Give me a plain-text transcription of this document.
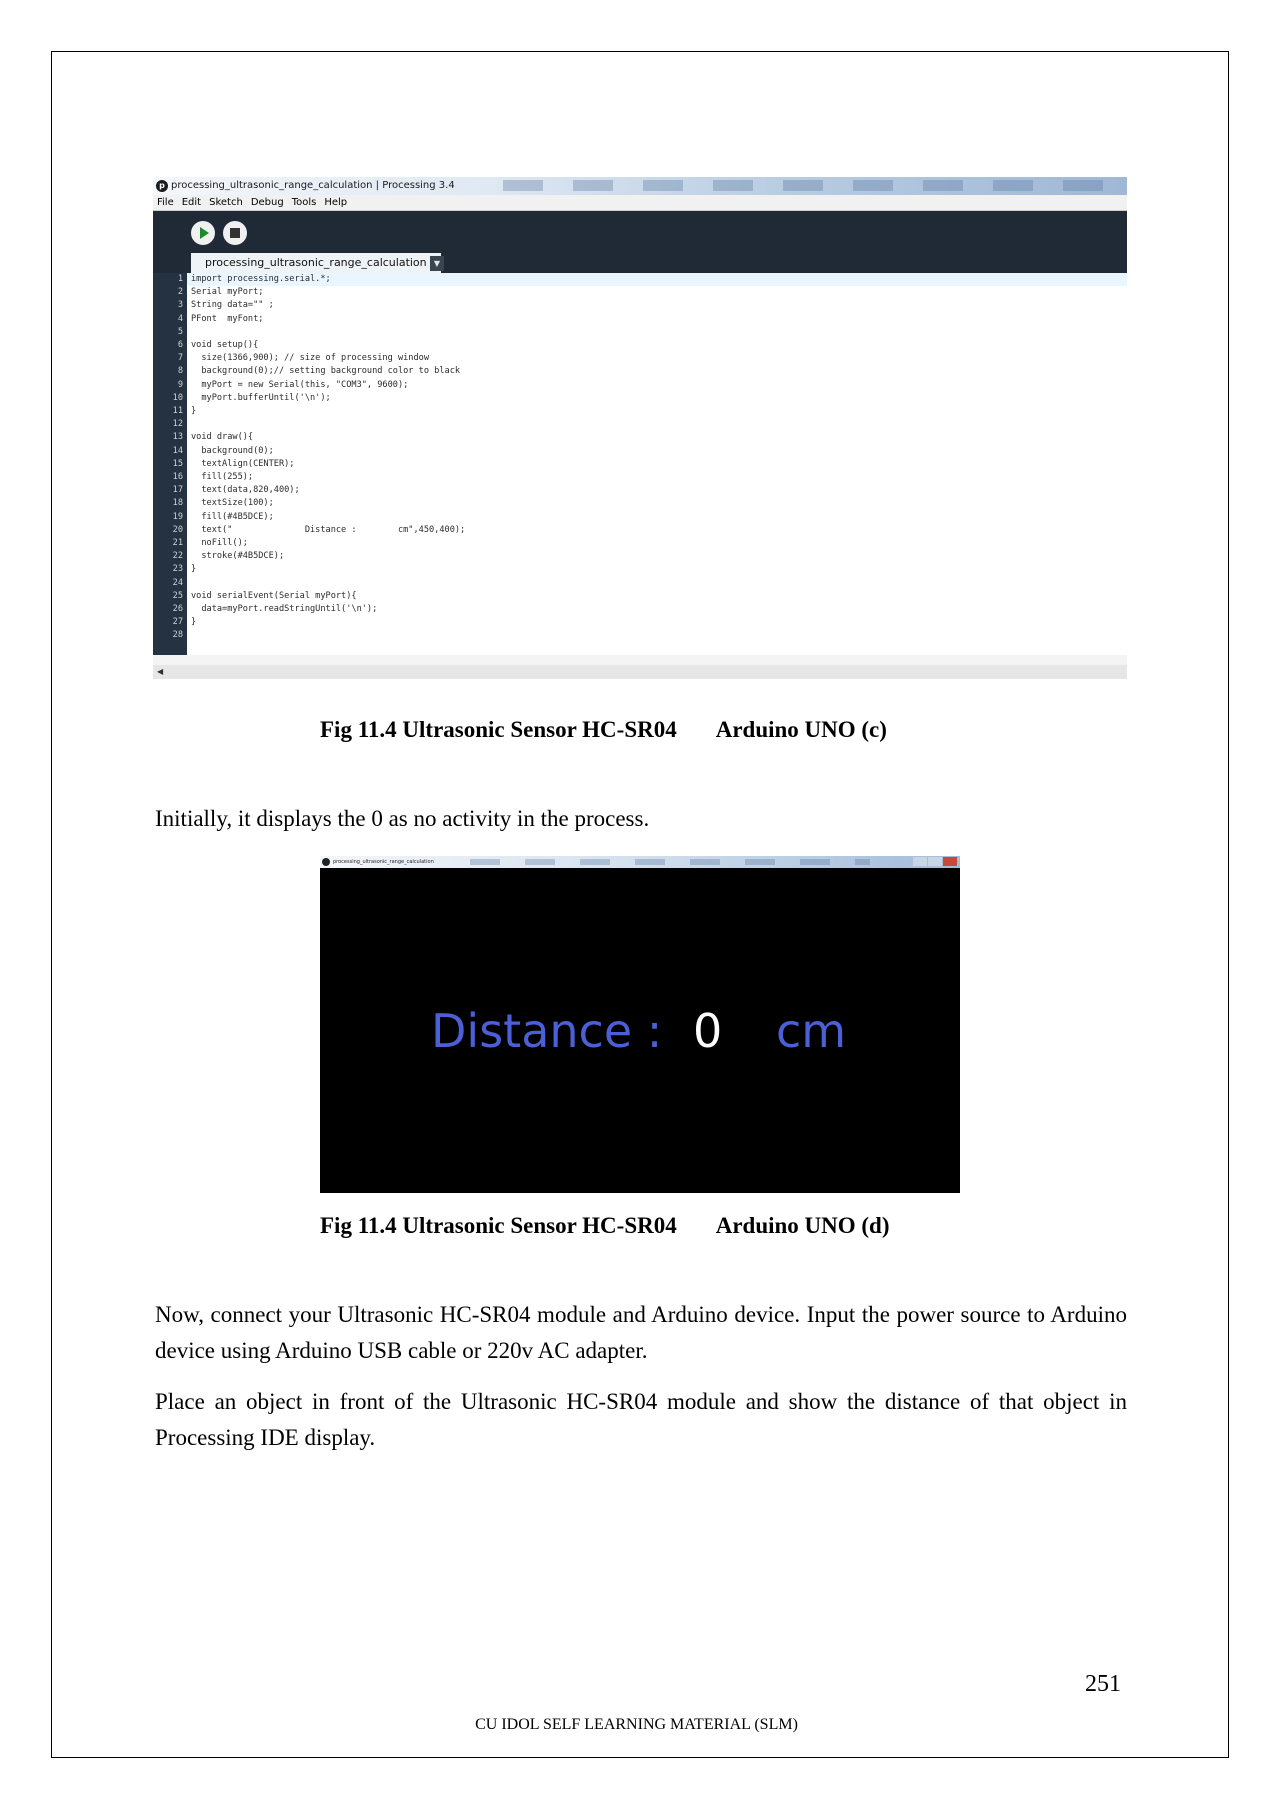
p processing_ultrasonic_range_calculation | Processing 3.4
File Edit Sketch Debug Tools Help
processing_ultrasonic_range_calculation ▼
import processing.serial.*;
Serial myPort;
String data="" ;
PFont  myFont;
void setup(){
size(1366,900); // size of processing window
background(0);// setting background color to black
myPort = new Serial(this, "COM3", 9600);
myPort.bufferUntil('\n');
}
void draw(){
background(0);
textAlign(CENTER);
fill(255);
text(data,820,400);
textSize(100);
fill(#4B5DCE);
text("              Distance :        cm",450,400);
noFill();
stroke(#4B5DCE);
}
void serialEvent(Serial myPort){
data=myPort.readStringUntil('\n');
}
1
2
3
4
5
6
7
8
9
10
11
12
13
14
15
16
17
18
19
20
21
22
23
24
25
26
27
28
◀
Fig 11.4 Ultrasonic Sensor HC-SR04       Arduino UNO (c)
Initially, it displays the 0 as no activity in the process.
processing_ultrasonic_range_calculation
Distance : 0 cm
Fig 11.4 Ultrasonic Sensor HC-SR04       Arduino UNO (d)
Now, connect your Ultrasonic HC-SR04 module and Arduino device. Input the power source to Arduino device using Arduino USB cable or 220v AC adapter.
Place an object in front of the Ultrasonic HC-SR04 module and show the distance of that object in Processing IDE display.
251
CU IDOL SELF LEARNING MATERIAL (SLM)
